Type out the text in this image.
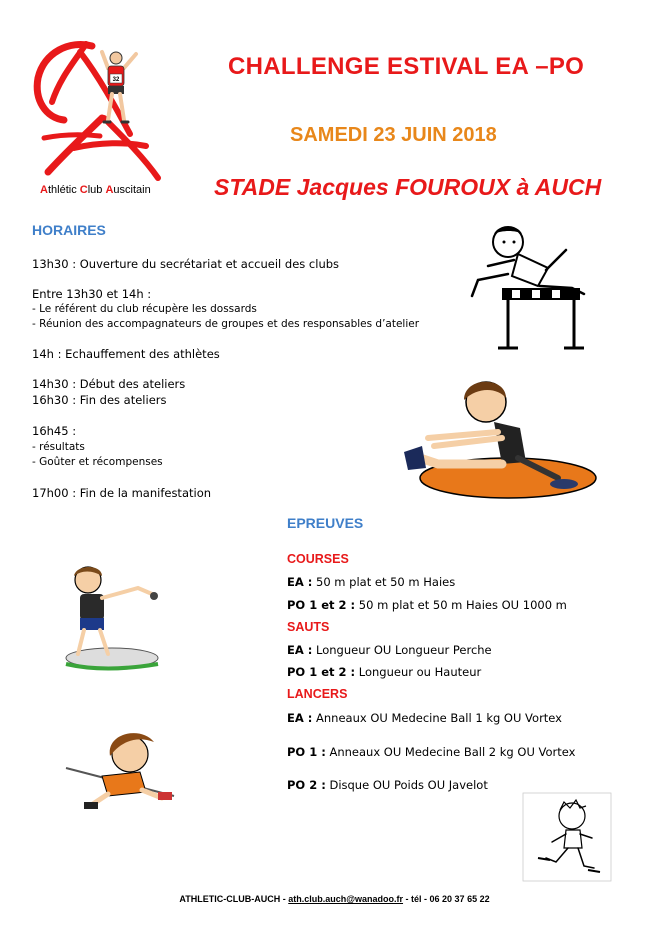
32
Athlétic Club Auscitain
CHALLENGE ESTIVAL EA –PO
SAMEDI 23 JUIN 2018
STADE Jacques FOUROUX à AUCH
HORAIRES
13h30 : Ouverture du secrétariat et accueil des clubs
Entre 13h30 et 14h :
- Le référent du club récupère les dossards
- Réunion des accompagnateurs de groupes et des responsables d’atelier
14h : Echauffement des athlètes
14h30 : Début des ateliers
16h30 : Fin des ateliers
16h45 :
- résultats
- Goûter et récompenses
17h00 : Fin de la manifestation
EPREUVES
COURSES
EA : 50 m plat et 50 m Haies
PO 1 et 2 : 50 m plat et 50 m Haies OU 1000 m
SAUTS
EA : Longueur OU Longueur Perche
PO 1 et 2 : Longueur ou Hauteur
LANCERS
EA : Anneaux OU Medecine Ball 1 kg OU Vortex
PO 1 : Anneaux OU Medecine Ball 2 kg OU Vortex
PO 2 : Disque OU Poids OU Javelot
ATHLETIC-CLUB-AUCH - ath.club.auch@wanadoo.fr - tél - 06 20 37 65 22
